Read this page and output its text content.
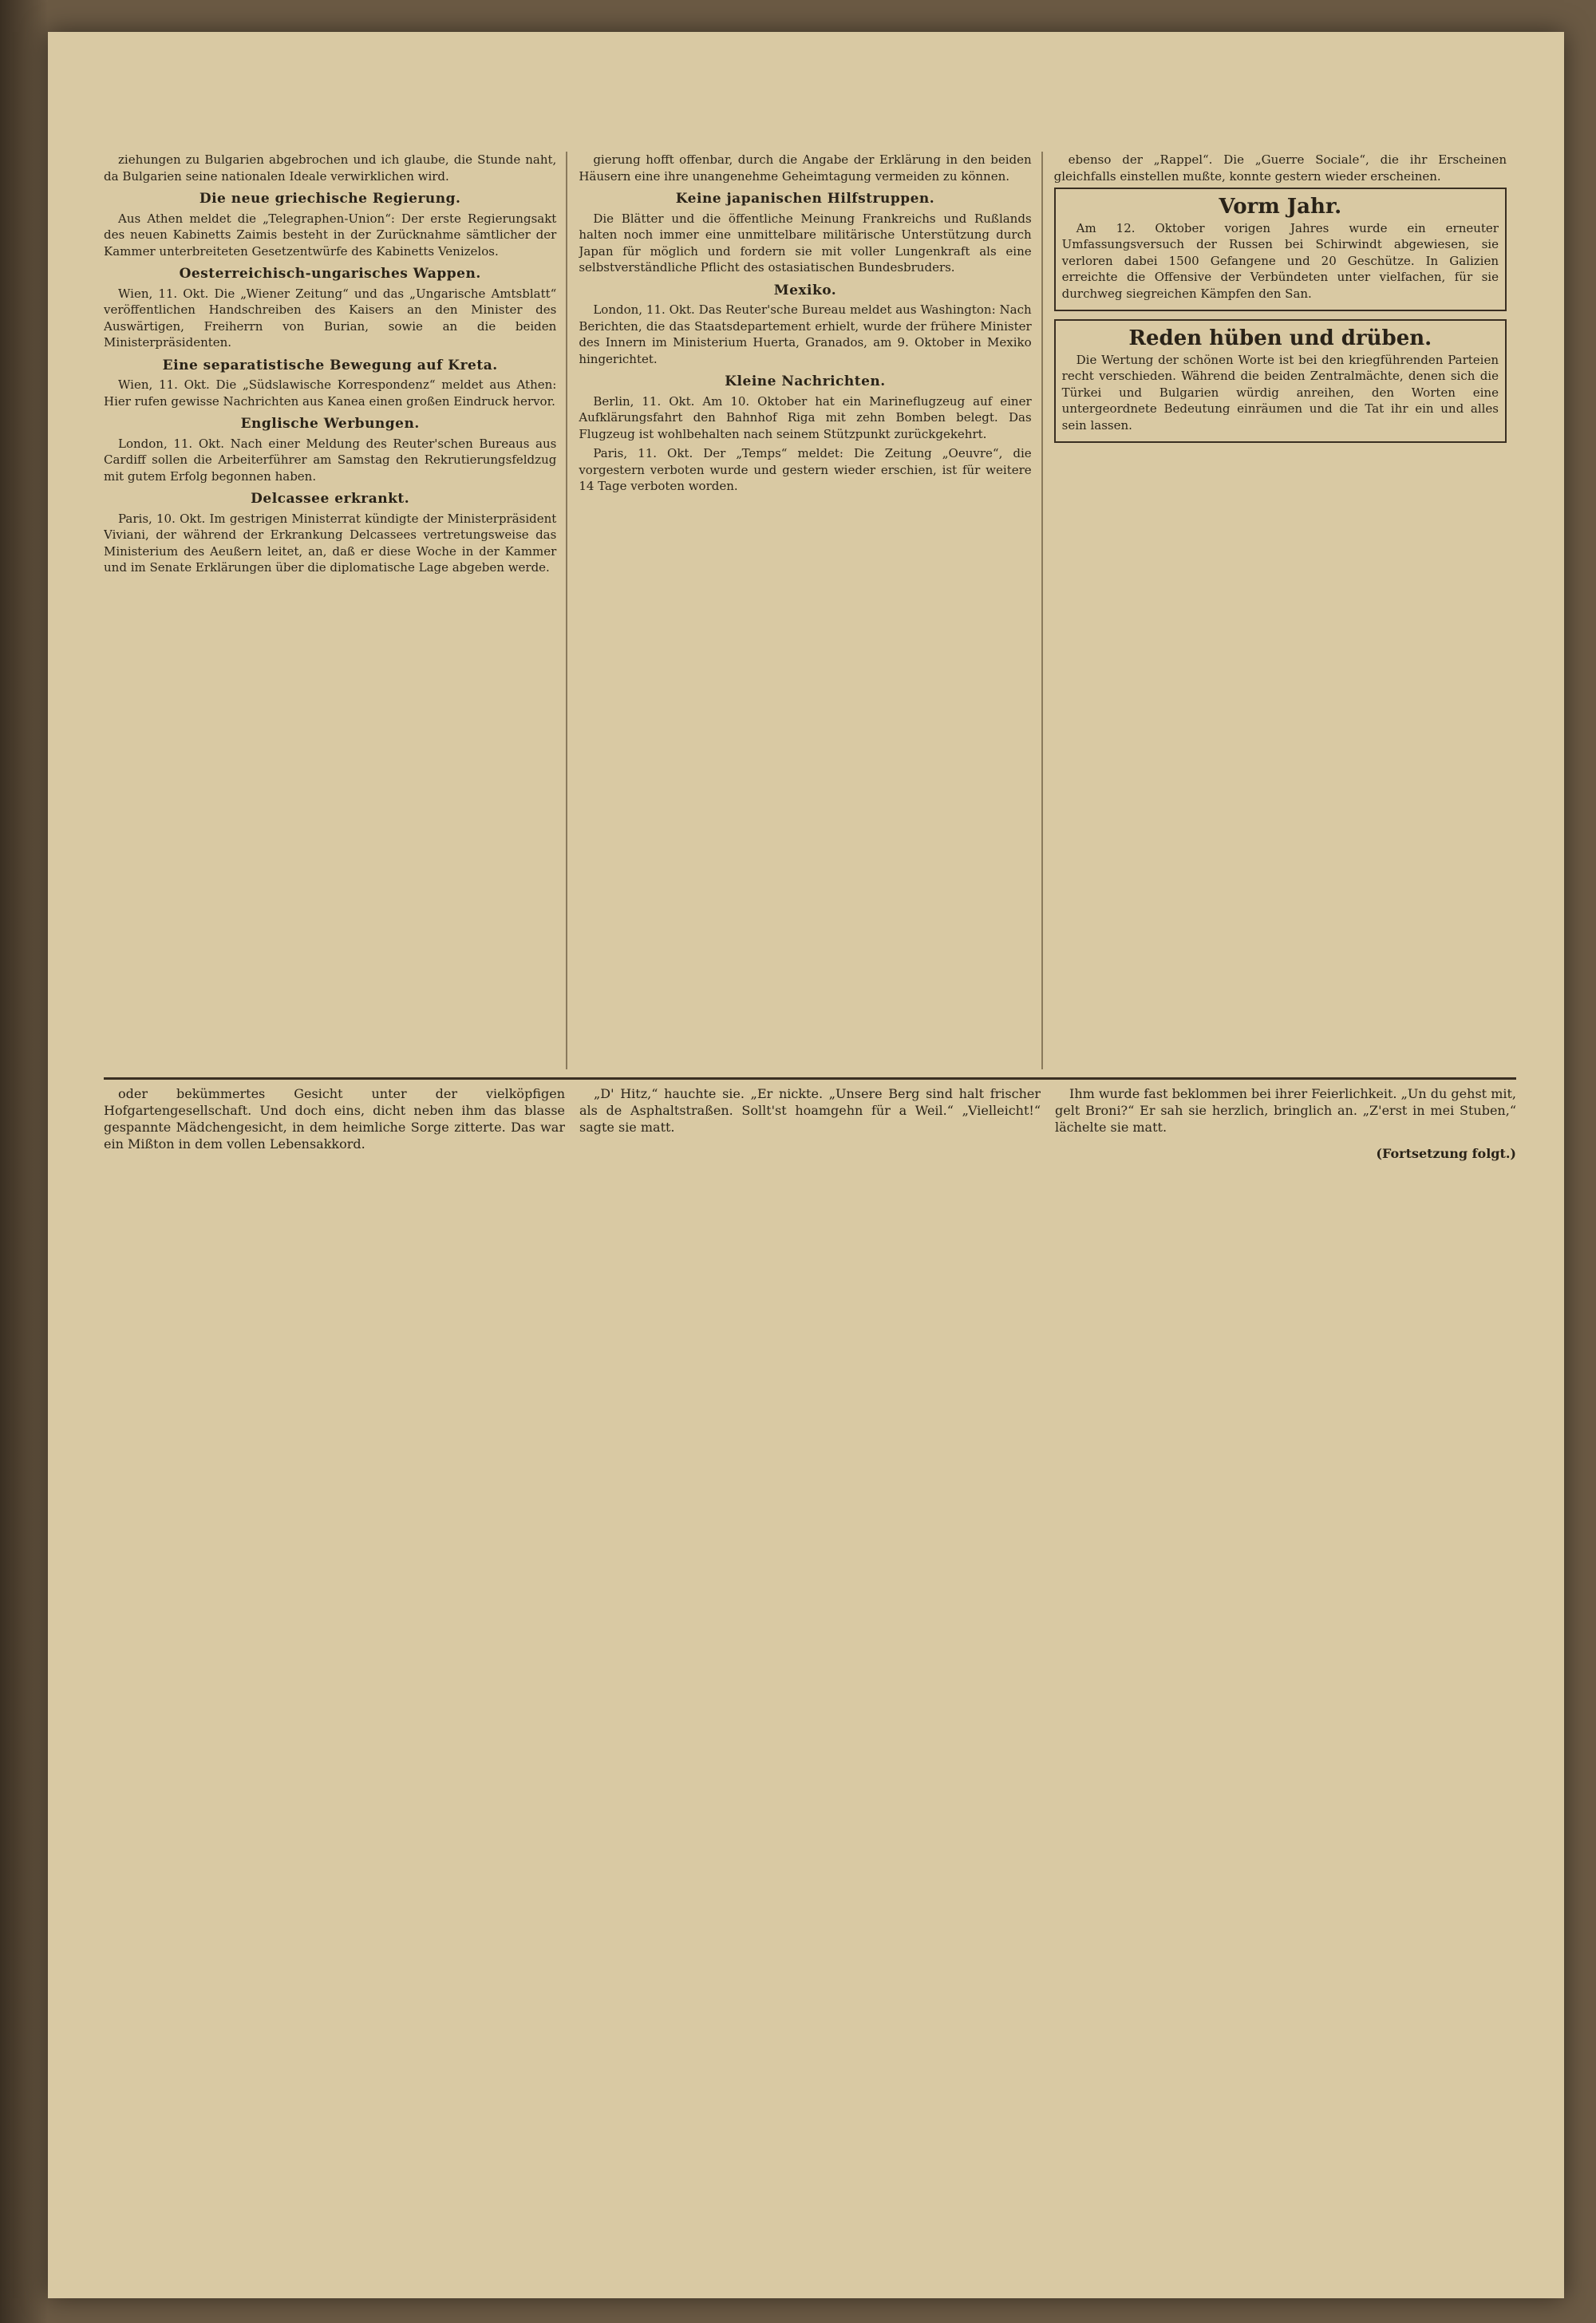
ziehungen zu Bulgarien abgebrochen und ich glaube, die Stunde naht, da Bulgarien seine nationalen Ideale verwirklichen wird.

Die neue griechische Regierung.

Aus Athen meldet die „Telegraphen-Union“: Der erste Regierungsakt des neuen Kabinetts Zaimis besteht in der Zurücknahme sämtlicher der Kammer unterbreiteten Gesetzentwürfe des Kabinetts Venizelos.

Oesterreichisch-ungarisches Wappen.

Wien, 11. Okt. Die „Wiener Zeitung“ und das „Ungarische Amtsblatt“ veröffentlichen Handschreiben des Kaisers an den Minister des Auswärtigen, Freiherrn von Burian, sowie an die beiden Ministerpräsidenten.

Eine separatistische Bewegung auf Kreta.

Wien, 11. Okt. Die „Südslawische Korrespondenz“ meldet aus Athen: Hier rufen gewisse Nachrichten aus Kanea einen großen Eindruck hervor.

Englische Werbungen.

London, 11. Okt. Nach einer Meldung des Reuter'schen Bureaus aus Cardiff sollen die Arbeiterführer am Samstag den Rekrutierungsfeldzug mit gutem Erfolg begonnen haben.

Delcassee erkrankt.

Paris, 10. Okt. Im gestrigen Ministerrat kündigte der Ministerpräsident Viviani, der während der Erkrankung Delcassees vertretungsweise das Ministerium des Aeußern leitet, an, daß er diese Woche in der Kammer und im Senate Erklärungen über die diplomatische Lage abgeben werde.

gierung hofft offenbar, durch die Angabe der Erklärung in den beiden Häusern eine ihre unangenehme Geheimtagung vermeiden zu können.

Keine japanischen Hilfstruppen.

Die Blätter und die öffentliche Meinung Frankreichs und Rußlands halten noch immer eine unmittelbare militärische Unterstützung durch Japan für möglich und fordern sie mit voller Lungenkraft als eine selbstverständliche Pflicht des ostasiatischen Bundesbruders.

Mexiko.

London, 11. Okt. Das Reuter'sche Bureau meldet aus Washington: Nach Berichten, die das Staatsdepartement erhielt, wurde der frühere Minister des Innern im Ministerium Huerta, Granados, am 9. Oktober in Mexiko hingerichtet.

Kleine Nachrichten.

Berlin, 11. Okt. Am 10. Oktober hat ein Marineflugzeug auf einer Aufklärungsfahrt den Bahnhof Riga mit zehn Bomben belegt. Das Flugzeug ist wohlbehalten nach seinem Stützpunkt zurückgekehrt.

Paris, 11. Okt. Der „Temps“ meldet: Die Zeitung „Oeuvre“, die vorgestern verboten wurde und gestern wieder erschien, ist für weitere 14 Tage verboten worden.

ebenso der „Rappel“. Die „Guerre Sociale“, die ihr Erscheinen gleichfalls einstellen mußte, konnte gestern wieder erscheinen.

Vorm Jahr.

Am 12. Oktober vorigen Jahres wurde ein erneuter Umfassungsversuch der Russen bei Schirwindt abgewiesen, sie verloren dabei 1500 Gefangene und 20 Geschütze. In Galizien erreichte die Offensive der Verbündeten unter vielfachen, für sie durchweg siegreichen Kämpfen den San.

Reden hüben und drüben.

Die Wertung der schönen Worte ist bei den kriegführenden Parteien recht verschieden. Während die beiden Zentralmächte, denen sich die Türkei und Bulgarien würdig anreihen, den Worten eine untergeordnete Bedeutung einräumen und die Tat ihr ein und alles sein lassen.

oder bekümmertes Gesicht unter der vielköpfigen Hofgartengesellschaft. Und doch eins, dicht neben ihm das blasse gespannte Mädchengesicht, in dem heimliche Sorge zitterte. Das war ein Mißton in dem vollen Lebensakkord.

„D' Hitz,“ hauchte sie. „Er nickte. „Unsere Berg sind halt frischer als de Asphaltstraßen. Sollt'st hoamgehn für a Weil.“ „Vielleicht!“ sagte sie matt.

Ihm wurde fast beklommen bei ihrer Feierlichkeit. „Un du gehst mit, gelt Broni?“ Er sah sie herzlich, bringlich an. „Z'erst in mei Stuben,“ lächelte sie matt.

(Fortsetzung folgt.)
